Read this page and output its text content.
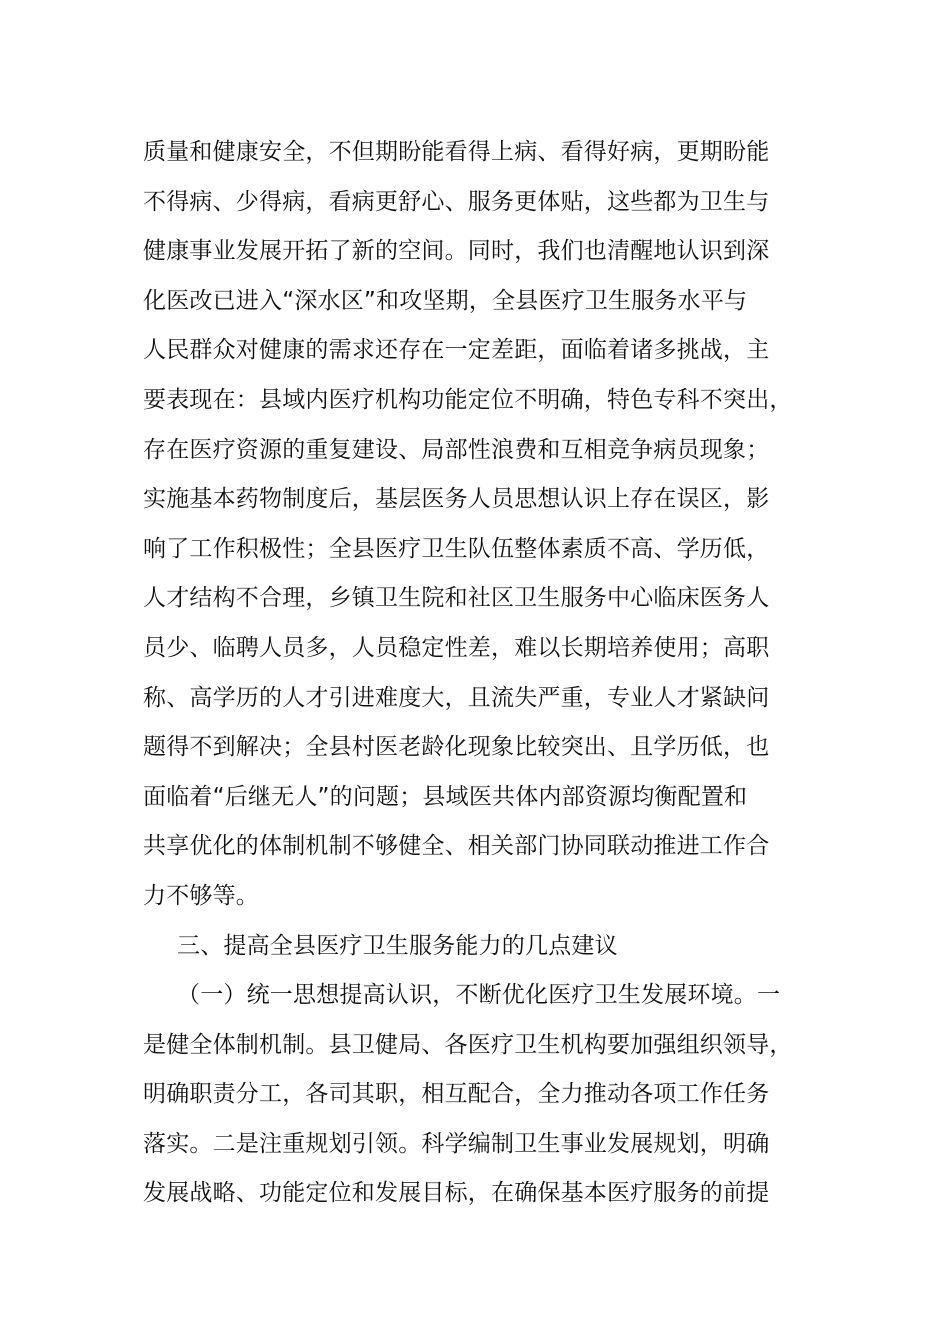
质量和健康安全，不但期盼能看得上病、看得好病，更期盼能
不得病、少得病，看病更舒心、服务更体贴，这些都为卫生与
健康事业发展开拓了新的空间。同时，我们也清醒地认识到深
化医改已进入“深水区”和攻坚期，全县医疗卫生服务水平与
人民群众对健康的需求还存在一定差距，面临着诸多挑战，主
要表现在：县域内医疗机构功能定位不明确，特色专科不突出，
存在医疗资源的重复建设、局部性浪费和互相竞争病员现象；
实施基本药物制度后，基层医务人员思想认识上存在误区，影
响了工作积极性；全县医疗卫生队伍整体素质不高、学历低，
人才结构不合理，乡镇卫生院和社区卫生服务中心临床医务人
员少、临聘人员多，人员稳定性差，难以长期培养使用；高职
称、高学历的人才引进难度大，且流失严重，专业人才紧缺问
题得不到解决；全县村医老龄化现象比较突出、且学历低，也
面临着“后继无人”的问题；县域医共体内部资源均衡配置和
共享优化的体制机制不够健全、相关部门协同联动推进工作合
力不够等。
三、提高全县医疗卫生服务能力的几点建议
（一）统一思想提高认识，不断优化医疗卫生发展环境。一
是健全体制机制。县卫健局、各医疗卫生机构要加强组织领导，
明确职责分工，各司其职，相互配合，全力推动各项工作任务
落实。二是注重规划引领。科学编制卫生事业发展规划，明确
发展战略、功能定位和发展目标，在确保基本医疗服务的前提
